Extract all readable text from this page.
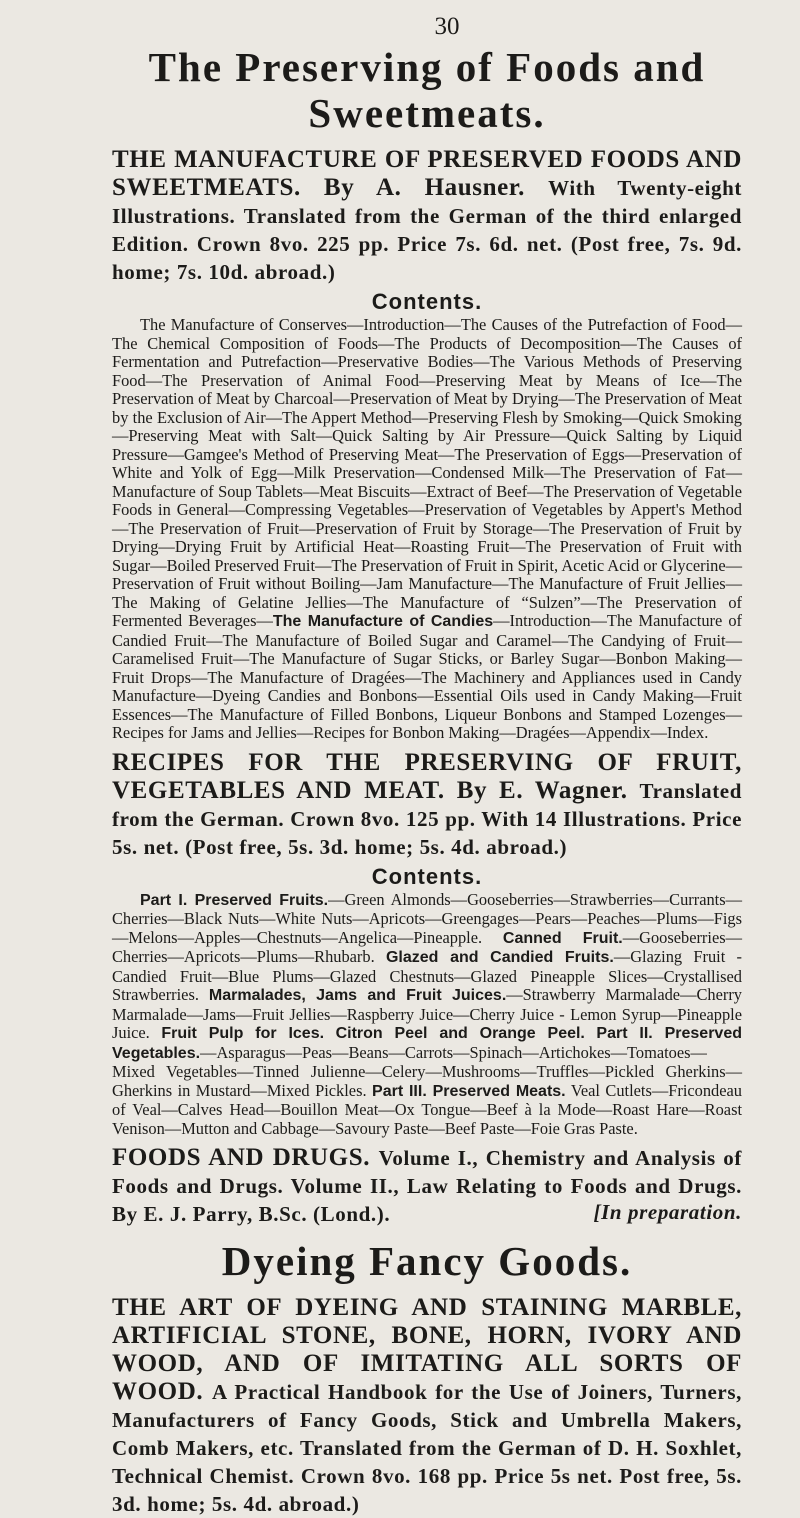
30
The Preserving of Foods and
Sweetmeats.

THE MANUFACTURE OF PRESERVED FOODS AND SWEETMEATS. By A. Hausner. With Twenty-eight Illustrations. Translated from the German of the third enlarged Edition. Crown 8vo. 225 pp. Price 7s. 6d. net. (Post free, 7s. 9d. home; 7s. 10d. abroad.)

Contents.

The Manufacture of Conserves—Introduction—The Causes of the Putrefaction of Food—The Chemical Composition of Foods—The Products of Decomposition—The Causes of Fermentation and Putrefaction—Preservative Bodies—The Various Methods of Preserving Food—The Preservation of Animal Food—Preserving Meat by Means of Ice—The Preservation of Meat by Charcoal—Preservation of Meat by Drying—The Preservation of Meat by the Exclusion of Air—The Appert Method—Preserving Flesh by Smoking—Quick Smoking—Preserving Meat with Salt—Quick Salting by Air Pressure—Quick Salting by Liquid Pressure—Gamgee's Method of Preserving Meat—The Preservation of Eggs—Preservation of White and Yolk of Egg—Milk Preservation—Condensed Milk—The Preservation of Fat—Manufacture of Soup Tablets—Meat Biscuits—Extract of Beef—The Preservation of Vegetable Foods in General—Compressing Vegetables—Preservation of Vegetables by Appert's Method—The Preservation of Fruit—Preservation of Fruit by Storage—The Preservation of Fruit by Drying—Drying Fruit by Artificial Heat—Roasting Fruit—The Preservation of Fruit with Sugar—Boiled Preserved Fruit—The Preservation of Fruit in Spirit, Acetic Acid or Glycerine—Preservation of Fruit without Boiling—Jam Manufacture—The Manufacture of Fruit Jellies—The Making of Gelatine Jellies—The Manufacture of “Sulzen”—The Preservation of Fermented Beverages—The Manufacture of Candies—Introduction—The Manufacture of Candied Fruit—The Manufacture of Boiled Sugar and Caramel—The Candying of Fruit—Caramelised Fruit—The Manufacture of Sugar Sticks, or Barley Sugar—Bonbon Making—Fruit Drops—The Manufacture of Dragées—The Machinery and Appliances used in Candy Manufacture—Dyeing Candies and Bonbons—Essential Oils used in Candy Making—Fruit Essences—The Manufacture of Filled Bonbons, Liqueur Bonbons and Stamped Lozenges—Recipes for Jams and Jellies—Recipes for Bonbon Making—Dragées—Appendix—Index.

RECIPES FOR THE PRESERVING OF FRUIT, VEGETABLES AND MEAT. By E. Wagner. Translated from the German. Crown 8vo. 125 pp. With 14 Illustrations. Price 5s. net. (Post free, 5s. 3d. home; 5s. 4d. abroad.)

Contents.

Part I. Preserved Fruits.—Green Almonds—Gooseberries—Strawberries—Currants—Cherries—Black Nuts—White Nuts—Apricots—Greengages—Pears—Peaches—Plums—Figs—Melons—Apples—Chestnuts—Angelica—Pineapple. Canned Fruit.—Gooseberries—Cherries—Apricots—Plums—Rhubarb. Glazed and Candied Fruits.—Glazing Fruit - Candied Fruit—Blue Plums—Glazed Chestnuts—Glazed Pineapple Slices—Crystallised Strawberries. Marmalades, Jams and Fruit Juices.—Strawberry Marmalade—Cherry Marmalade—Jams—Fruit Jellies—Raspberry Juice—Cherry Juice - Lemon Syrup—Pineapple Juice. Fruit Pulp for Ices. Citron Peel and Orange Peel. Part II. Preserved Vegetables.—Asparagus—Peas—Beans—Carrots—Spinach—Artichokes—Tomatoes—Mixed Vegetables—Tinned Julienne—Celery—Mushrooms—Truffles—Pickled Gherkins—Gherkins in Mustard—Mixed Pickles. Part III. Preserved Meats. Veal Cutlets—Fricondeau of Veal—Calves Head—Bouillon Meat—Ox Tongue—Beef à la Mode—Roast Hare—Roast Venison—Mutton and Cabbage—Savoury Paste—Beef Paste—Foie Gras Paste.

FOODS AND DRUGS. Volume I., Chemistry and Analysis of Foods and Drugs. Volume II., Law Relating to Foods and Drugs. By E. J. Parry, B.Sc. (Lond.).	[In preparation.

Dyeing Fancy Goods.

THE ART OF DYEING AND STAINING MARBLE, ARTIFICIAL STONE, BONE, HORN, IVORY AND WOOD, AND OF IMITATING ALL SORTS OF WOOD. A Practical Handbook for the Use of Joiners, Turners, Manufacturers of Fancy Goods, Stick and Umbrella Makers, Comb Makers, etc. Translated from the German of D. H. Soxhlet, Technical Chemist. Crown 8vo. 168 pp. Price 5s net. Post free, 5s. 3d. home; 5s. 4d. abroad.)
